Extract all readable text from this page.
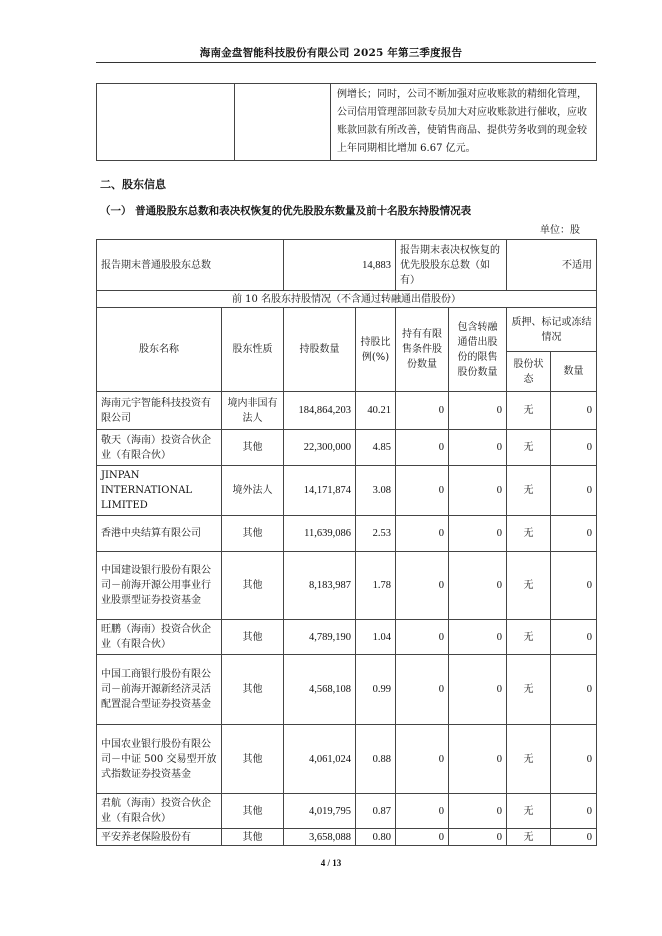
海南金盘智能科技股份有限公司 2025 年第三季度报告
		例增长；同时，公司不断加强对应收账款的精细化管理，公司信用管理部回款专员加大对应收账款进行催收，应收账款回款有所改善，使销售商品、提供劳务收到的现金较上年同期相比增加 6.67 亿元。
二、股东信息
（一） 普通股股东总数和表决权恢复的优先股股东数量及前十名股东持股情况表
单位：股
报告期末普通股股东总数		14,883		报告期末表决权恢复的优先股股东总数（如有）		不适用	
前 10 名股东持股情况（不含通过转融通出借股份）							
股东名称	股东性质	持股数量	持股比例(%)	持有有限售条件股份数量	包含转融通借出股份的限售股份数量	质押、标记或冻结情况	
						股份状态	数量
海南元宇智能科技投资有限公司	境内非国有法人	184,864,203	40.21	0	0	无	0
敬天（海南）投资合伙企业（有限合伙）	其他	22,300,000	4.85	0	0	无	0
JINPAN INTERNATIONAL LIMITED	境外法人	14,171,874	3.08	0	0	无	0
香港中央结算有限公司	其他	11,639,086	2.53	0	0	无	0
中国建设银行股份有限公司－前海开源公用事业行业股票型证券投资基金	其他	8,183,987	1.78	0	0	无	0
旺鹏（海南）投资合伙企业（有限合伙）	其他	4,789,190	1.04	0	0	无	0
中国工商银行股份有限公司－前海开源新经济灵活配置混合型证券投资基金	其他	4,568,108	0.99	0	0	无	0
中国农业银行股份有限公司－中证 500 交易型开放式指数证券投资基金	其他	4,061,024	0.88	0	0	无	0
君航（海南）投资合伙企业（有限合伙）	其他	4,019,795	0.87	0	0	无	0
平安养老保险股份有	其他	3,658,088	0.80	0	0	无	0
4 / 13
